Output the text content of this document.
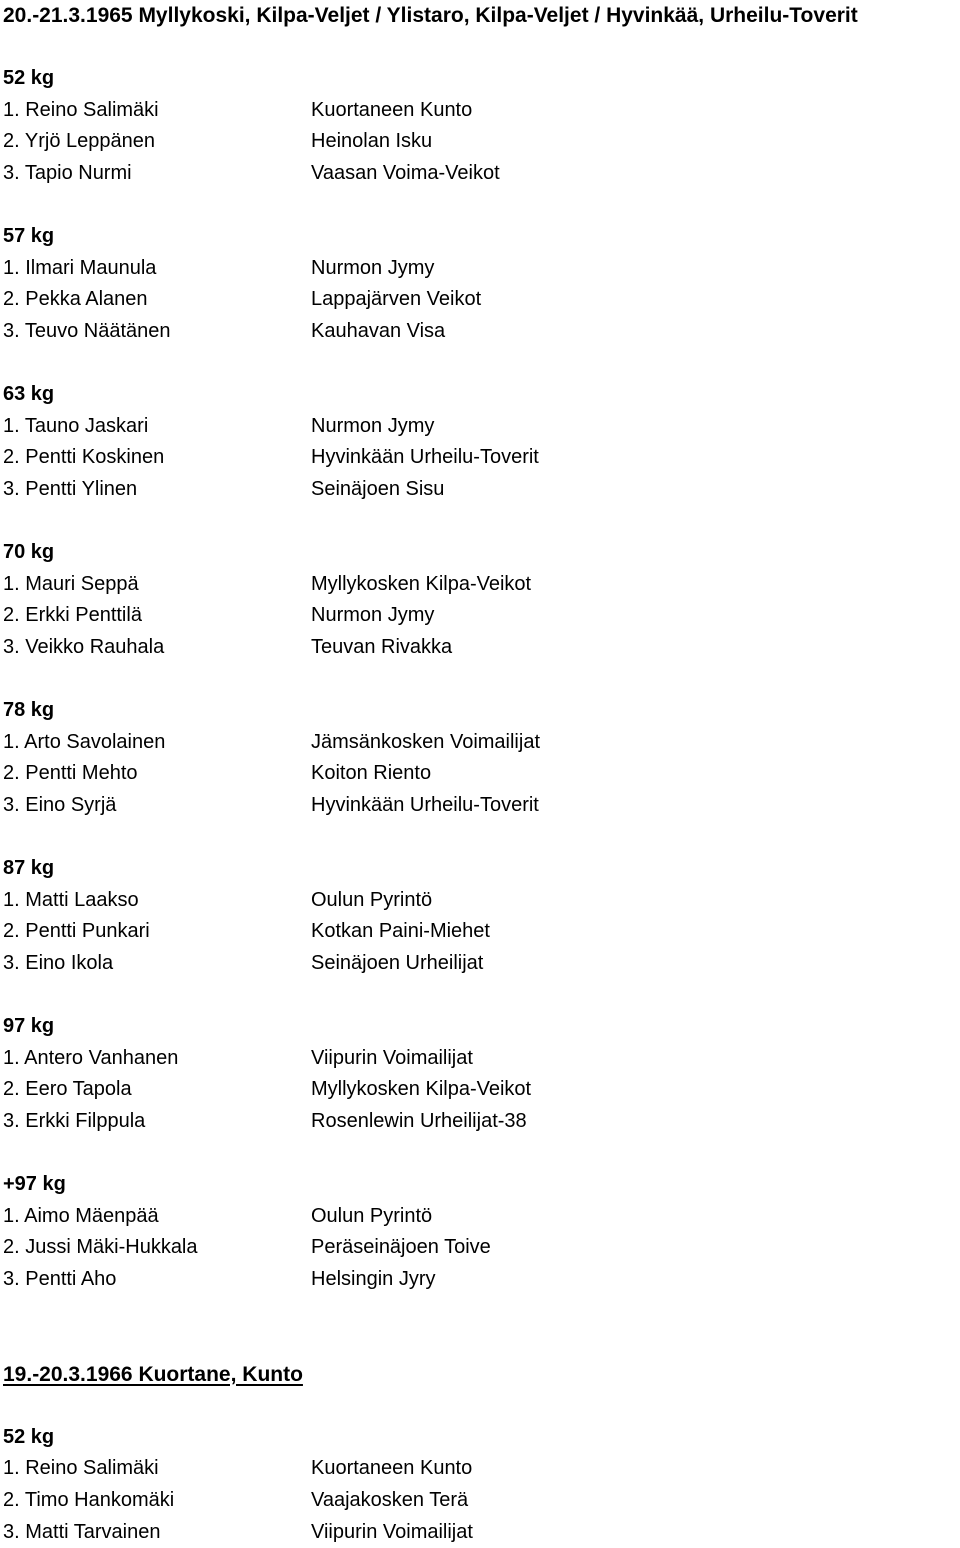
20.-21.3.1965 Myllykoski, Kilpa-Veljet / Ylistaro, Kilpa-Veljet / Hyvinkää, Urheilu-Toverit
52 kg
1. Reino Salimäki	Kuortaneen Kunto
2. Yrjö Leppänen	Heinolan Isku
3. Tapio Nurmi	Vaasan Voima-Veikot
57 kg
1. Ilmari Maunula	Nurmon Jymy
2. Pekka Alanen	Lappajärven Veikot
3. Teuvo Näätänen	Kauhavan Visa
63 kg
1. Tauno Jaskari	Nurmon Jymy
2. Pentti Koskinen	Hyvinkään Urheilu-Toverit
3. Pentti Ylinen	Seinäjoen Sisu
70 kg
1. Mauri Seppä	Myllykosken Kilpa-Veikot
2. Erkki Penttilä	Nurmon Jymy
3. Veikko Rauhala	Teuvan Rivakka
78 kg
1. Arto Savolainen	Jämsänkosken Voimailijat
2. Pentti Mehto	Koiton Riento
3. Eino Syrjä	Hyvinkään Urheilu-Toverit
87 kg
1. Matti Laakso	Oulun Pyrintö
2. Pentti Punkari	Kotkan Paini-Miehet
3. Eino Ikola	Seinäjoen Urheilijat
97 kg
1. Antero Vanhanen	Viipurin Voimailijat
2. Eero Tapola	Myllykosken Kilpa-Veikot
3. Erkki Filppula	Rosenlewin Urheilijat-38
+97 kg
1. Aimo Mäenpää	Oulun Pyrintö
2. Jussi Mäki-Hukkala	Peräseinäjoen Toive
3. Pentti Aho	Helsingin Jyry
19.-20.3.1966 Kuortane, Kunto
52 kg
1. Reino Salimäki	Kuortaneen Kunto
2. Timo Hankomäki	Vaajakosken Terä
3. Matti Tarvainen	Viipurin Voimailijat
